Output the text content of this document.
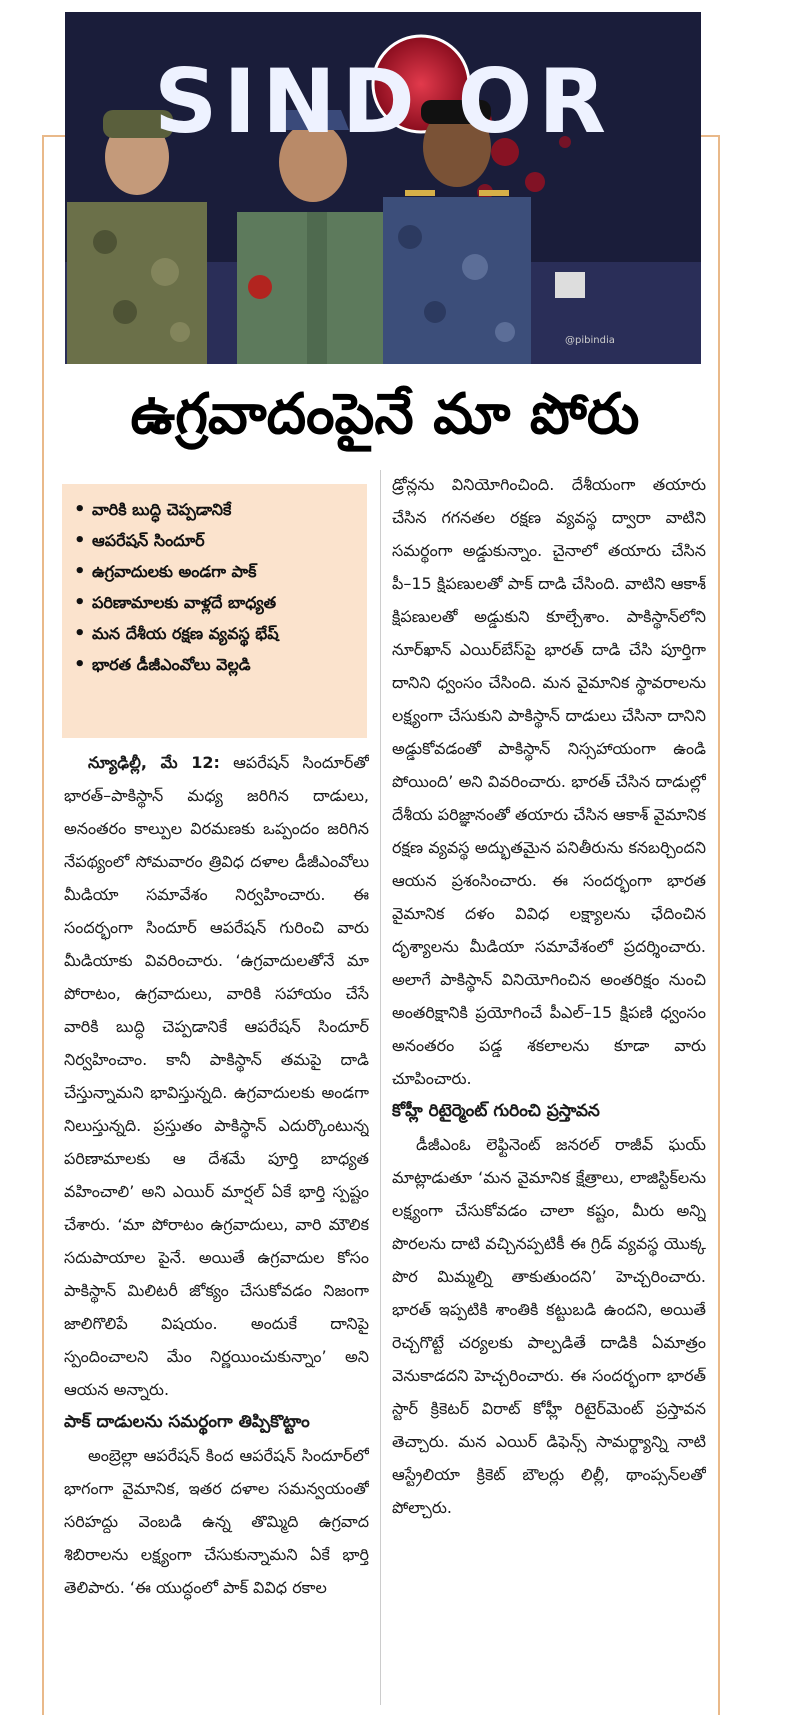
@pibindia
SIND OR
ఉగ్రవాదంపైనే మా పోరు
• వారికి బుద్ధి చెప్పడానికే
• ఆపరేషన్ సిందూర్
• ఉగ్రవాదులకు అండగా పాక్
• పరిణామాలకు వాళ్లదే బాధ్యత
• మన దేశీయ రక్షణ వ్యవస్థ భేష్
• భారత డీజీఎంవోలు వెల్లడి

న్యూఢిల్లీ, మే 12: ఆపరేషన్ సిందూర్‌తో భారత్–పాకిస్థాన్ మధ్య జరిగిన దాడులు, అనంతరం కాల్పుల విరమణకు ఒప్పందం జరిగిన నేపథ్యంలో సోమవారం త్రివిధ దళాల డీజీఎంవోలు మీడియా సమావేశం నిర్వహించారు. ఈ సందర్భంగా సిందూర్ ఆపరేషన్ గురించి వారు మీడియాకు వివరించారు. ‘ఉగ్రవాదులతోనే మా పోరాటం, ఉగ్రవాదులు, వారికి సహాయం చేసే వారికి బుద్ధి చెప్పడానికే ఆపరేషన్ సిందూర్ నిర్వహించాం. కానీ పాకిస్థాన్ తమపై దాడి చేస్తున్నామని భావిస్తున్నది. ఉగ్రవాదులకు అండగా నిలుస్తున్నది. ప్రస్తుతం పాకిస్థాన్ ఎదుర్కొంటున్న పరిణామాలకు ఆ దేశమే పూర్తి బాధ్యత వహించాలి’ అని ఎయిర్ మార్షల్ ఏకే భార్తి స్పష్టం చేశారు. ‘మా పోరాటం ఉగ్రవాదులు, వారి మౌలిక సదుపాయాల పైనే. అయితే ఉగ్రవాదుల కోసం పాకిస్థాన్ మిలిటరీ జోక్యం చేసుకోవడం నిజంగా జాలిగొలిపే విషయం. అందుకే దానిపై స్పందించాలని మేం నిర్ణయించుకున్నాం’ అని ఆయన అన్నారు.

పాక్ దాడులను సమర్థంగా తిప్పికొట్టాం

అంబ్రెల్లా ఆపరేషన్ కింద ఆపరేషన్ సిందూర్‌లో భాగంగా వైమానిక, ఇతర దళాల సమన్వయంతో సరిహద్దు వెంబడి ఉన్న తొమ్మిది ఉగ్రవాద శిబిరాలను లక్ష్యంగా చేసుకున్నామని ఏకే భార్తి తెలిపారు. ‘ఈ యుద్ధంలో పాక్ వివిధ రకాల

డ్రోన్లను వినియోగించింది. దేశీయంగా తయారు చేసిన గగనతల రక్షణ వ్యవస్థ ద్వారా వాటిని సమర్థంగా అడ్డుకున్నాం. చైనాలో తయారు చేసిన పీ–15 క్షిపణులతో పాక్ దాడి చేసింది. వాటిని ఆకాశ్ క్షిపణులతో అడ్డుకుని కూల్చేశాం. పాకిస్థాన్‌లోని నూర్‌ఖాన్ ఎయిర్‌బేస్‌పై భారత్ దాడి చేసి పూర్తిగా దానిని ధ్వంసం చేసింది. మన వైమానిక స్థావరాలను లక్ష్యంగా చేసుకుని పాకిస్థాన్ దాడులు చేసినా దానిని అడ్డుకోవడంతో పాకిస్థాన్ నిస్సహాయంగా ఉండి పోయింది’ అని వివరించారు. భారత్ చేసిన దాడుల్లో దేశీయ పరిజ్ఞానంతో తయారు చేసిన ఆకాశ్ వైమానిక రక్షణ వ్యవస్థ అద్భుతమైన పనితీరును కనబర్చిందని ఆయన ప్రశంసించారు. ఈ సందర్భంగా భారత వైమానిక దళం వివిధ లక్ష్యాలను ఛేదించిన దృశ్యాలను మీడియా సమావేశంలో ప్రదర్శించారు. అలాగే పాకిస్థాన్ వినియోగించిన అంతరిక్షం నుంచి అంతరిక్షానికి ప్రయోగించే పీఎల్–15 క్షిపణి ధ్వంసం అనంతరం పడ్డ శకలాలను కూడా వారు చూపించారు.

కోహ్లీ రిటైర్మెంట్ గురించి ప్రస్తావన

డీజీఎంఓ లెఫ్టినెంట్ జనరల్ రాజీవ్ ఘయ్ మాట్లాడుతూ ‘మన వైమానిక క్షేత్రాలు, లాజిస్టిక్‌లను లక్ష్యంగా చేసుకోవడం చాలా కష్టం, మీరు అన్ని పొరలను దాటి వచ్చినప్పటికీ ఈ గ్రిడ్ వ్యవస్థ యొక్క పొర మిమ్మల్ని తాకుతుందని’ హెచ్చరించారు. భారత్ ఇప్పటికి శాంతికి కట్టుబడి ఉందని, అయితే రెచ్చగొట్టే చర్యలకు పాల్పడితే దాడికి ఏమాత్రం వెనుకాడదని హెచ్చరించారు. ఈ సందర్భంగా భారత్ స్టార్ క్రికెటర్ విరాట్ కోహ్లీ రిటైర్‌మెంట్ ప్రస్తావన తెచ్చారు. మన ఎయిర్ డిఫెన్స్ సామర్థ్యాన్ని నాటి ఆస్ట్రేలియా క్రికెట్ బౌలర్లు లిల్లీ, థాంప్సన్‌లతో పోల్చారు.
